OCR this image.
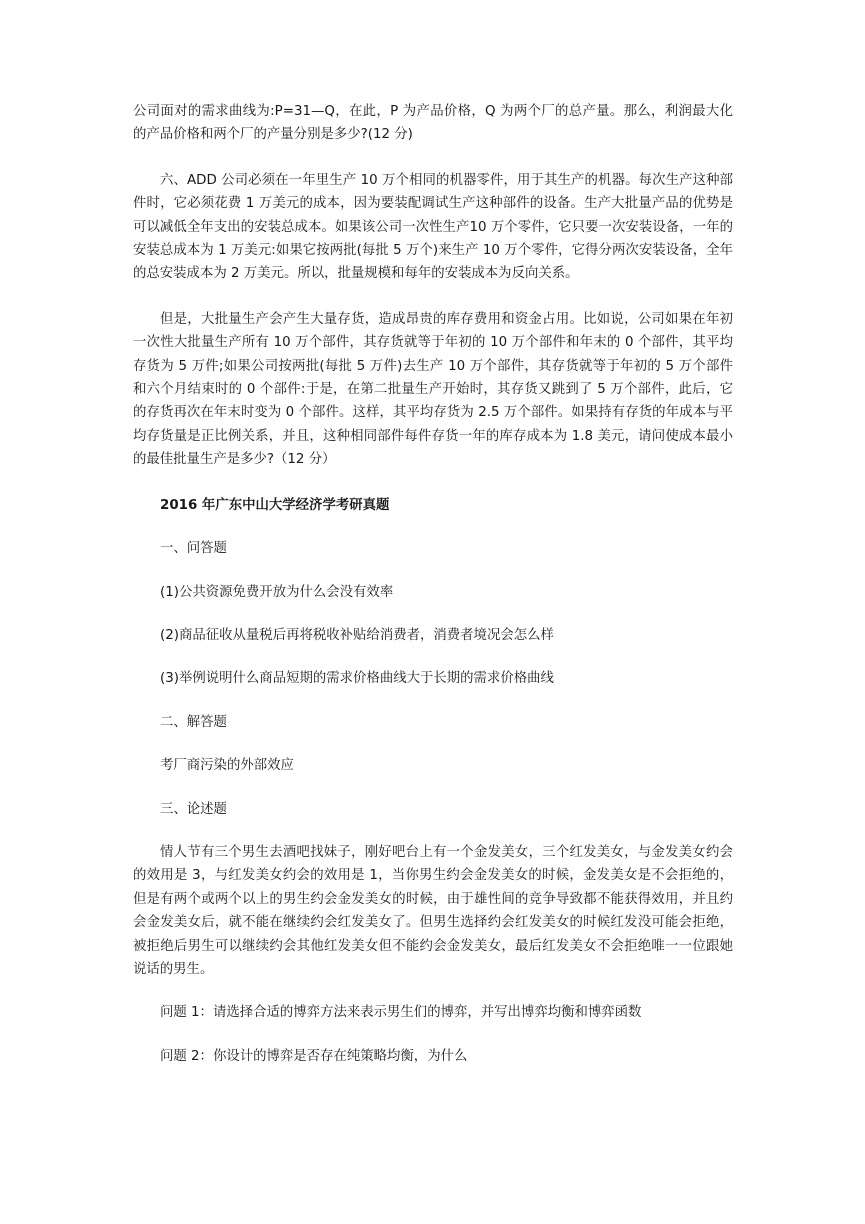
公司面对的需求曲线为:P=31—Q，在此，P 为产品价格，Q 为两个厂的总产量。那么，利润最大化的产品价格和两个厂的产量分别是多少?(12 分)

六、ADD 公司必须在一年里生产 10 万个相同的机器零件，用于其生产的机器。每次生产这种部件时，它必须花费 1 万美元的成本，因为要装配调试生产这种部件的设备。生产大批量产品的优势是可以减低全年支出的安装总成本。如果该公司一次性生产10 万个零件，它只要一次安装设备，一年的安装总成本为 1 万美元:如果它按两批(每批 5 万个)来生产 10 万个零件，它得分两次安装设备，全年的总安装成本为 2 万美元。所以，批量规模和每年的安装成本为反向关系。

但是，大批量生产会产生大量存货，造成昂贵的库存费用和资金占用。比如说，公司如果在年初一次性大批量生产所有 10 万个部件，其存货就等于年初的 10 万个部件和年末的 0 个部件，其平均存货为 5 万件;如果公司按两批(每批 5 万件)去生产 10 万个部件，其存货就等于年初的 5 万个部件和六个月结束时的 0 个部件:于是，在第二批量生产开始时，其存货又跳到了 5 万个部件，此后，它的存货再次在年末时变为 0 个部件。这样，其平均存货为 2.5 万个部件。如果持有存货的年成本与平均存货量是正比例关系，并且，这种相同部件每件存货一年的库存成本为 1.8 美元，请问使成本最小的最佳批量生产是多少?（12 分）

2016 年广东中山大学经济学考研真题

一、问答题

(1)公共资源免费开放为什么会没有效率

(2)商品征收从量税后再将税收补贴给消费者，消费者境况会怎么样

(3)举例说明什么商品短期的需求价格曲线大于长期的需求价格曲线

二、解答题

考厂商污染的外部效应

三、论述题

情人节有三个男生去酒吧找妹子，刚好吧台上有一个金发美女，三个红发美女，与金发美女约会的效用是 3，与红发美女约会的效用是 1，当你男生约会金发美女的时候，金发美女是不会拒绝的，但是有两个或两个以上的男生约会金发美女的时候，由于雄性间的竞争导致都不能获得效用，并且约会金发美女后，就不能在继续约会红发美女了。但男生选择约会红发美女的时候红发没可能会拒绝，被拒绝后男生可以继续约会其他红发美女但不能约会金发美女，最后红发美女不会拒绝唯一一位跟她说话的男生。

问题 1：请选择合适的博弈方法来表示男生们的博弈，并写出博弈均衡和博弈函数

问题 2：你设计的博弈是否存在纯策略均衡，为什么
